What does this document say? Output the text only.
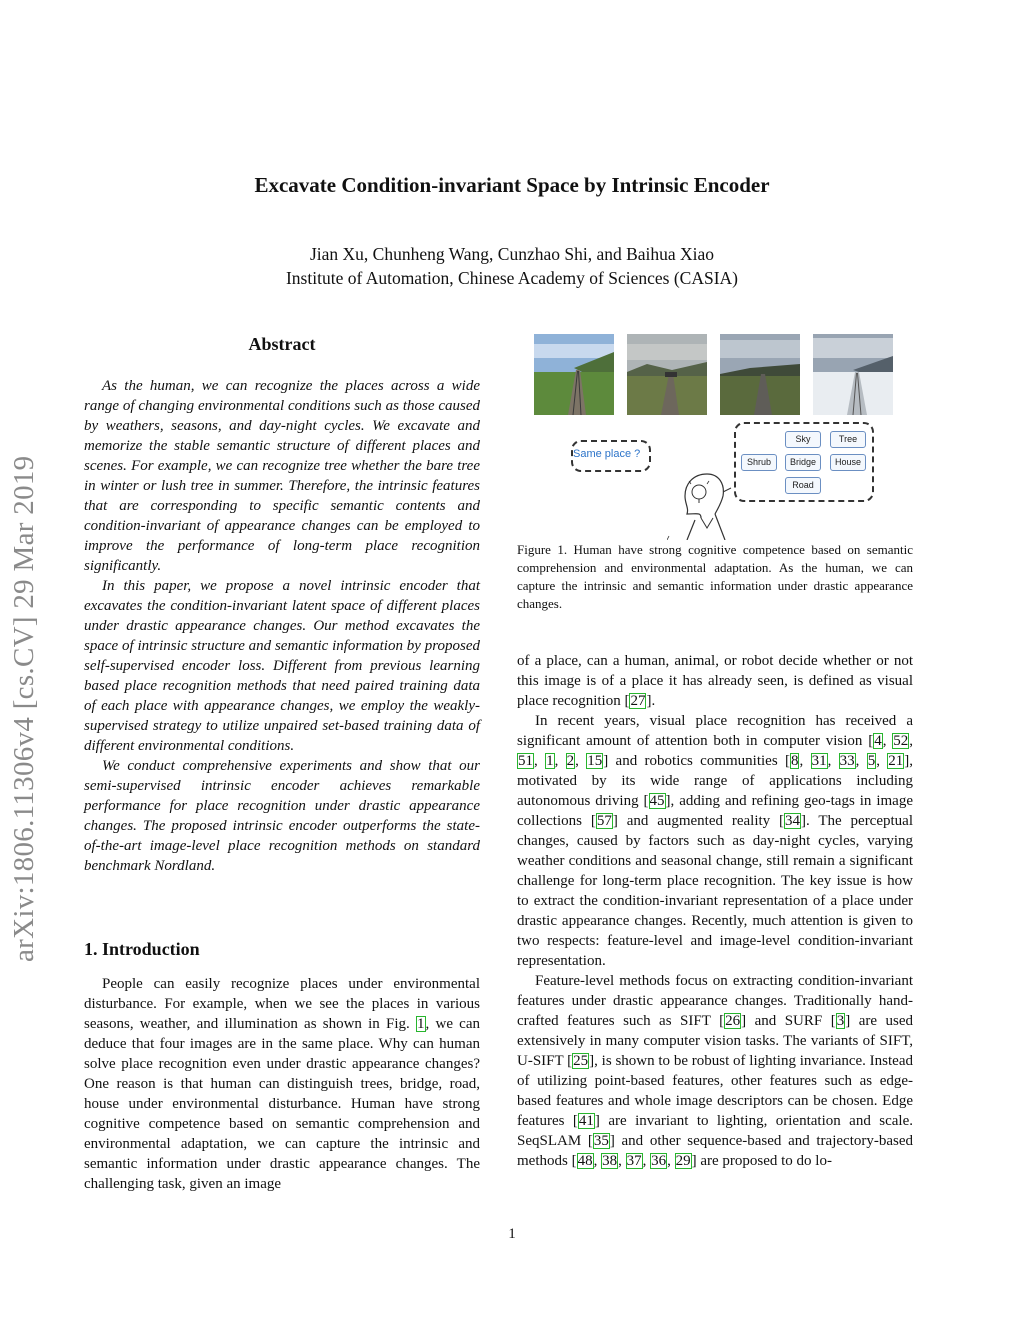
arXiv:1806.11306v4 [cs.CV] 29 Mar 2019
Excavate Condition-invariant Space by Intrinsic Encoder
Jian Xu, Chunheng Wang, Cunzhao Shi, and Baihua Xiao
Institute of Automation, Chinese Academy of Sciences (CASIA)
Abstract

As the human, we can recognize the places across a wide range of changing environmental conditions such as those caused by weathers, seasons, and day-night cycles. We excavate and memorize the stable semantic structure of different places and scenes. For example, we can recognize tree whether the bare tree in winter or lush tree in summer. Therefore, the intrinsic features that are corresponding to specific semantic contents and condition-invariant of appearance changes can be employed to improve the performance of long-term place recognition significantly.

In this paper, we propose a novel intrinsic encoder that excavates the condition-invariant latent space of different places under drastic appearance changes. Our method excavates the space of intrinsic structure and semantic information by proposed self-supervised encoder loss. Different from previous learning based place recognition methods that need paired training data of each place with appearance changes, we employ the weakly-supervised strategy to utilize unpaired set-based training data of different environmental conditions.

We conduct comprehensive experiments and show that our semi-supervised intrinsic encoder achieves remarkable performance for place recognition under drastic appearance changes. The proposed intrinsic encoder outperforms the state-of-the-art image-level place recognition methods on standard benchmark Nordland.

1. Introduction

People can easily recognize places under environmental disturbance. For example, when we see the places in various seasons, weather, and illumination as shown in Fig. 1, we can deduce that four images are in the same place. Why can human solve place recognition even under drastic appearance changes? One reason is that human can distinguish trees, bridge, road, house under environmental disturbance. Human have strong cognitive competence based on semantic comprehension and environmental adaptation, we can capture the intrinsic and semantic information under drastic appearance changes. The challenging task, given an image

Same place ?
Sky	Tree
Shrub	Bridge	House
Road
Figure 1. Human have strong cognitive competence based on semantic comprehension and environmental adaptation. As the human, we can capture the intrinsic and semantic information under drastic appearance changes.

of a place, can a human, animal, or robot decide whether or not this image is of a place it has already seen, is defined as visual place recognition [27].

In recent years, visual place recognition has received a significant amount of attention both in computer vision [4, 52, 51, 1, 2, 15] and robotics communities [8, 31, 33, 5, 21], motivated by its wide range of applications including autonomous driving [45], adding and refining geo-tags in image collections [57] and augmented reality [34]. The perceptual changes, caused by factors such as day-night cycles, varying weather conditions and seasonal change, still remain a significant challenge for long-term place recognition. The key issue is how to extract the condition-invariant representation of a place under drastic appearance changes. Recently, much attention is given to two respects: feature-level and image-level condition-invariant representation.

Feature-level methods focus on extracting condition-invariant features under drastic appearance changes. Traditionally hand-crafted features such as SIFT [26] and SURF [3] are used extensively in many computer vision tasks. The variants of SIFT, U-SIFT [25], is shown to be robust of lighting invariance. Instead of utilizing point-based features, other features such as edge-based features and whole image descriptors can be chosen. Edge features [41] are invariant to lighting, orientation and scale. SeqSLAM [35] and other sequence-based and trajectory-based methods [48, 38, 37, 36, 29] are proposed to do lo-

1
